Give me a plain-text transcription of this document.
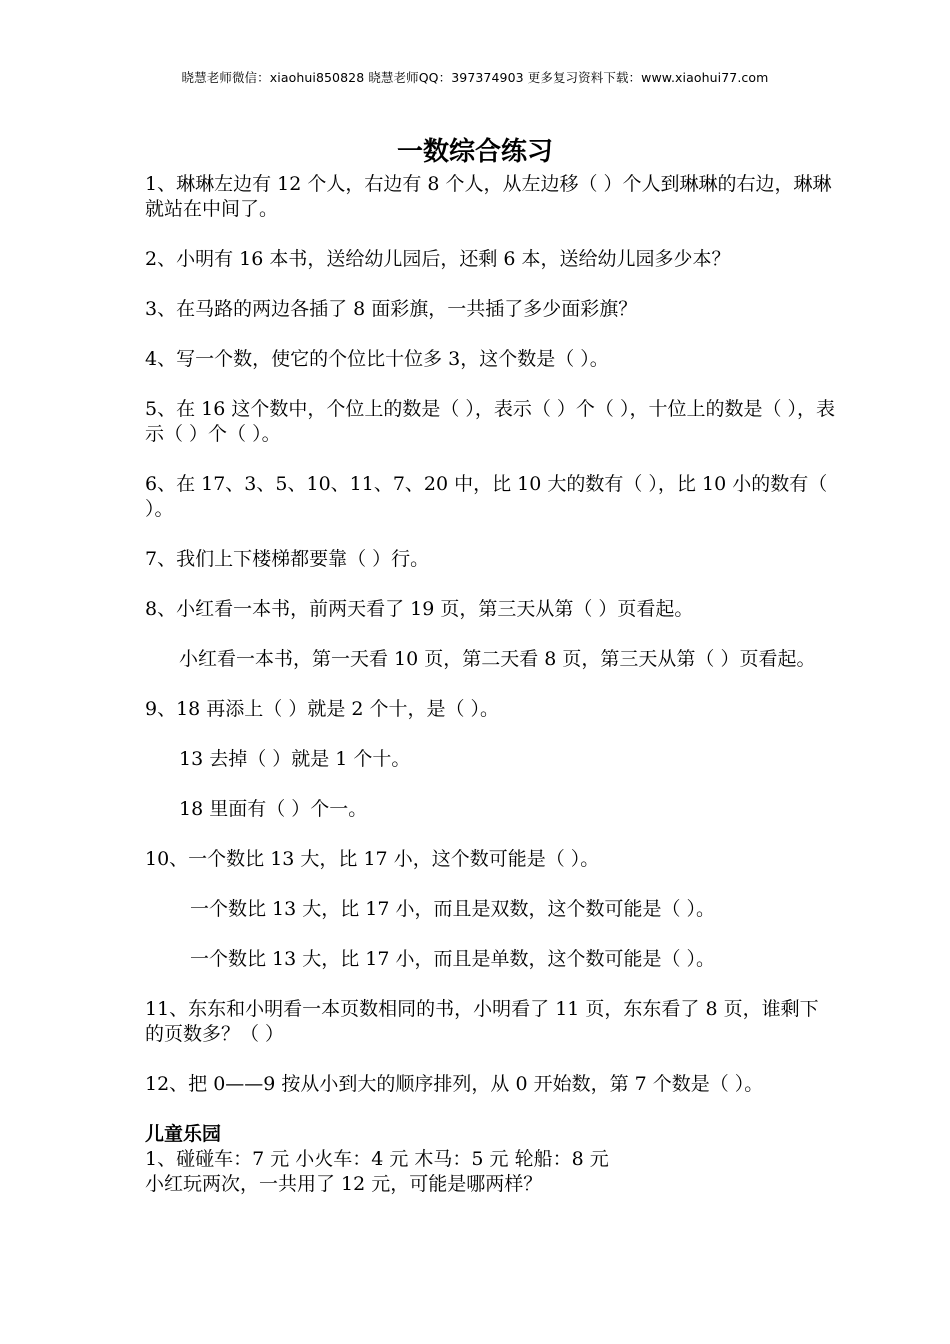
晓慧老师微信：xiaohui850828 晓慧老师QQ：397374903 更多复习资料下载：www.xiaohui77.com
一数综合练习
1、琳琳左边有 12 个人，右边有 8 个人，从左边移（ ）个人到琳琳的右边，琳琳就站在中间了。
2、小明有 16 本书，送给幼儿园后，还剩 6 本，送给幼儿园多少本？
3、在马路的两边各插了 8 面彩旗，一共插了多少面彩旗？
4、写一个数，使它的个位比十位多 3，这个数是（ ）。
5、在 16 这个数中，个位上的数是（ ），表示（ ）个（ ），十位上的数是（ ），表示（ ）个（ ）。
6、在 17、3、5、10、11、7、20 中，比 10 大的数有（ ），比 10 小的数有（ ）。
7、我们上下楼梯都要靠（ ）行。
8、小红看一本书，前两天看了 19 页，第三天从第（ ）页看起。
小红看一本书，第一天看 10 页，第二天看 8 页，第三天从第（ ）页看起。
9、18 再添上（ ）就是 2 个十，是（ ）。
13 去掉（ ）就是 1 个十。
18 里面有（ ）个一。
10、一个数比 13 大，比 17 小，这个数可能是（ ）。
一个数比 13 大，比 17 小，而且是双数，这个数可能是（ ）。
一个数比 13 大，比 17 小，而且是单数，这个数可能是（ ）。
11、东东和小明看一本页数相同的书，小明看了 11 页，东东看了 8 页，谁剩下的页数多？（ ）
12、把 0——9 按从小到大的顺序排列，从 0 开始数，第 7 个数是（ ）。
儿童乐园
1、碰碰车：7 元 小火车：4 元 木马：5 元 轮船：8 元
小红玩两次，一共用了 12 元，可能是哪两样？
